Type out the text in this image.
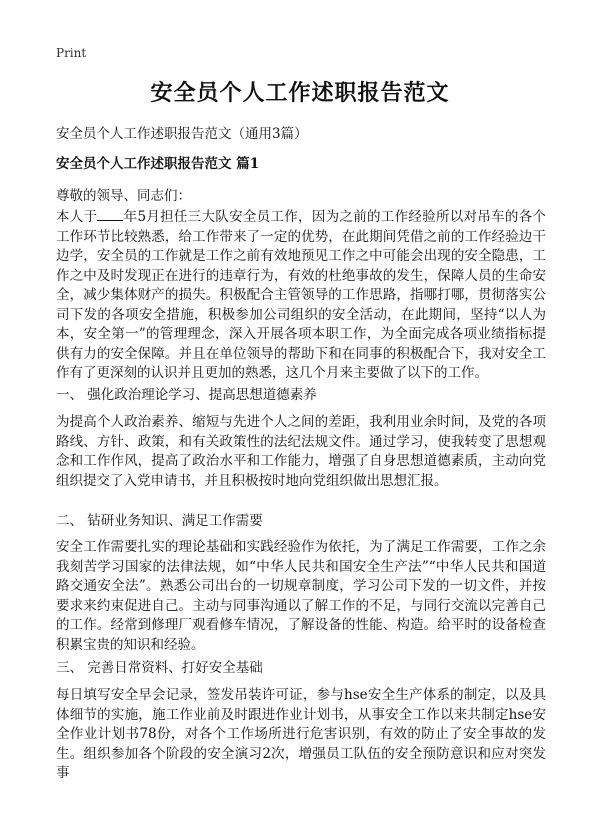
Print
安全员个人工作述职报告范文
安全员个人工作述职报告范文（通用3篇）
安全员个人工作述职报告范文 篇1
尊敬的领导、同志们：
本人于 年5月担任三大队安全员工作，因为之前的工作经验所以对吊车的各个工作环节比较熟悉，给工作带来了一定的优势，在此期间凭借之前的工作经验边干边学，安全员的工作就是工作之前有效地预见工作之中可能会出现的安全隐患，工作之中及时发现正在进行的违章行为，有效的杜绝事故的发生，保障人员的生命安全，减少集体财产的损失。积极配合主管领导的工作思路，指哪打哪，贯彻落实公司下发的各项安全措施，积极参加公司组织的安全活动，在此期间，坚持“以人为本，安全第一”的管理理念，深入开展各项本职工作，为全面完成各项业绩指标提供有力的安全保障。并且在单位领导的帮助下和在同事的积极配合下，我对安全工作有了更深刻的认识并且更加的熟悉，这几个月来主要做了以下的工作。
一、 强化政治理论学习、提高思想道德素养
为提高个人政治素养、缩短与先进个人之间的差距，我利用业余时间，及党的各项路线、方针、政策，和有关政策性的法纪法规文件。通过学习，使我转变了思想观念和工作作风，提高了政治水平和工作能力，增强了自身思想道德素质，主动向党组织提交了入党申请书，并且积极按时地向党组织做出思想汇报。
二、 钻研业务知识、满足工作需要
安全工作需要扎实的理论基础和实践经验作为依托，为了满足工作需要，工作之余我刻苦学习国家的法律法规，如“中华人民共和国安全生产法”“中华人民共和国道路交通安全法”。熟悉公司出台的一切规章制度，学习公司下发的一切文件，并按要求来约束促进自己。主动与同事沟通以了解工作的不足，与同行交流以完善自己的工作。经常到修理厂观看修车情况，了解设备的性能、构造。给平时的设备检查积累宝贵的知识和经验。
三、 完善日常资料、打好安全基础
每日填写安全早会记录，签发吊装许可证，参与hse安全生产体系的制定，以及具体细节的实施，施工作业前及时跟进作业计划书，从事安全工作以来共制定hse安全作业计划书78份，对各个工作场所进行危害识别，有效的防止了安全事故的发生。组织参加各个阶段的安全演习2次，增强员工队伍的安全预防意识和应对突发事
